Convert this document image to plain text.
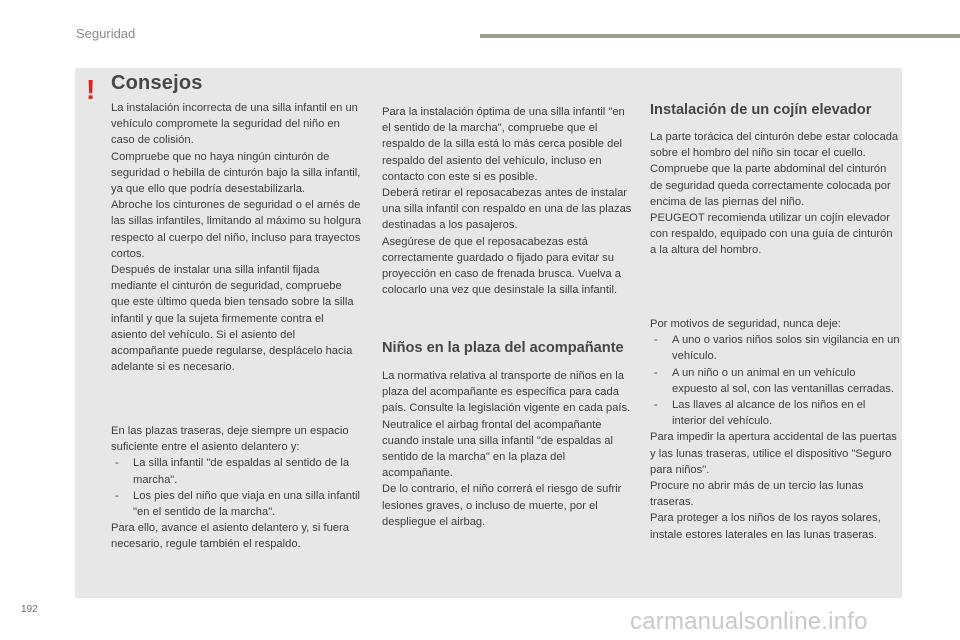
Seguridad
! Consejos

La instalación incorrecta de una silla infantil en un vehículo compromete la seguridad del niño en caso de colisión.

Compruebe que no haya ningún cinturón de seguridad o hebilla de cinturón bajo la silla infantil, ya que ello que podría desestabilizarla.

Abroche los cinturones de seguridad o el arnés de las sillas infantiles, limitando al máximo su holgura respecto al cuerpo del niño, incluso para trayectos cortos.

Después de instalar una silla infantil fijada mediante el cinturón de seguridad, compruebe que este último queda bien tensado sobre la silla infantil y que la sujeta firmemente contra el asiento del vehículo. Si el asiento del acompañante puede regularse, desplácelo hacia adelante si es necesario.

En las plazas traseras, deje siempre un espacio suficiente entre el asiento delantero y:

- La silla infantil "de espaldas al sentido de la marcha".

- Los pies del niño que viaja en una silla infantil "en el sentido de la marcha".

Para ello, avance el asiento delantero y, si fuera necesario, regule también el respaldo.

Para la instalación óptima de una silla infantil "en el sentido de la marcha", compruebe que el respaldo de la silla está lo más cerca posible del respaldo del asiento del vehículo, incluso en contacto con este si es posible.

Deberá retirar el reposacabezas antes de instalar una silla infantil con respaldo en una de las plazas destinadas a los pasajeros.

Asegúrese de que el reposacabezas está correctamente guardado o fijado para evitar su proyección en caso de frenada brusca. Vuelva a colocarlo una vez que desinstale la silla infantil.

Niños en la plaza del acompañante

La normativa relativa al transporte de niños en la plaza del acompañante es específica para cada país. Consulte la legislación vigente en cada país.

Neutralice el airbag frontal del acompañante cuando instale una silla infantil "de espaldas al sentido de la marcha" en la plaza del acompañante.

De lo contrario, el niño correrá el riesgo de sufrir lesiones graves, o incluso de muerte, por el despliegue el airbag.

Instalación de un cojín elevador

La parte torácica del cinturón debe estar colocada sobre el hombro del niño sin tocar el cuello.

Compruebe que la parte abdominal del cinturón de seguridad queda correctamente colocada por encima de las piernas del niño.

PEUGEOT recomienda utilizar un cojín elevador con respaldo, equipado con una guía de cinturón a la altura del hombro.

Por motivos de seguridad, nunca deje:

- A uno o varios niños solos sin vigilancia en un vehículo.

- A un niño o un animal en un vehículo expuesto al sol, con las ventanillas cerradas.

- Las llaves al alcance de los niños en el interior del vehículo.

Para impedir la apertura accidental de las puertas y las lunas traseras, utilice el dispositivo "Seguro para niños".

Procure no abrir más de un tercio las lunas traseras.

Para proteger a los niños de los rayos solares, instale estores laterales en las lunas traseras.

192	carmanualsonline.info
